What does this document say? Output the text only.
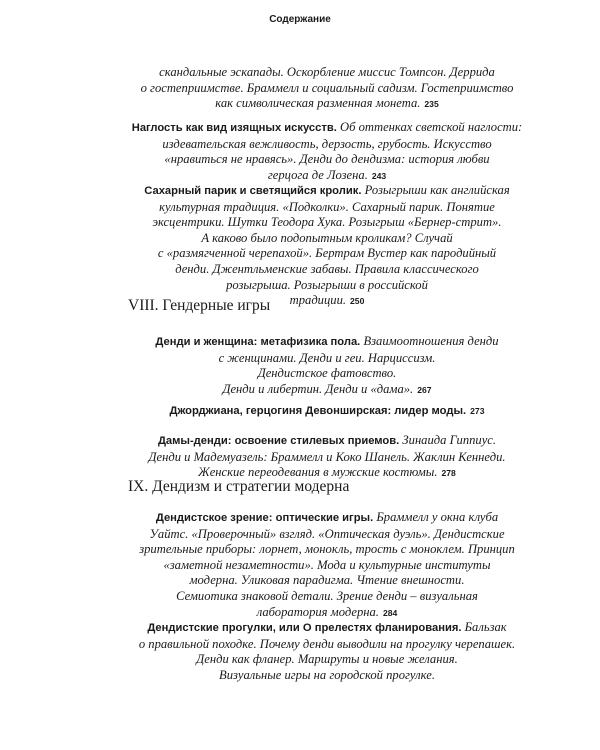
Содержание
скандальные эскапады. Оскорбление миссис Томпсон. Деррида
о гостеприимстве. Браммелл и социальный садизм. Гостеприимство
как символическая разменная монета. 235
Наглость как вид изящных искусств. Об оттенках светской наглости:
издевательская вежливость, дерзость, грубость. Искусство
«нравиться не нравясь». Денди до дендизма: история любви
герцога де Лозена. 243
Сахарный парик и светящийся кролик. Розыгрыши как английская
культурная традиция. «Подколки». Сахарный парик. Понятие
эксцентрики. Шутки Теодора Хука. Розыгрыш «Бернер-стрит».
А каково было подопытным кроликам? Случай
с «размягченной черепахой». Бертрам Вустер как пародийный
денди. Джентльменские забавы. Правила классического
розыгрыша. Розыгрыши в российской
традиции. 250
VIII. Гендерные игры
Денди и женщина: метафизика пола. Взаимоотношения денди
с женщинами. Денди и геи. Нарциссизм.
Дендистское фатовство.
Денди и либертин. Денди и «дама». 267
Джорджиана, герцогиня Девонширская: лидер моды. 273
Дамы-денди: освоение стилевых приемов. Зинаида Гиппиус.
Денди и Мадемуазель: Браммелл и Коко Шанель. Жаклин Кеннеди.
Женские переодевания в мужские костюмы. 278
IX. Дендизм и стратегии модерна
Дендистское зрение: оптические игры. Браммелл у окна клуба
Уайтс. «Проверочный» взгляд. «Оптическая дуэль». Дендистские
зрительные приборы: лорнет, монокль, трость с моноклем. Принцип
«заметной незаметности». Мода и культурные институты
модерна. Уликовая парадигма. Чтение внешности.
Семиотика знаковой детали. Зрение денди – визуальная
лаборатория модерна. 284
Дендистские прогулки, или О прелестях фланирования. Бальзак
о правильной походке. Почему денди выводили на прогулку черепашек.
Денди как фланер. Маршруты и новые желания.
Визуальные игры на городской прогулке.
